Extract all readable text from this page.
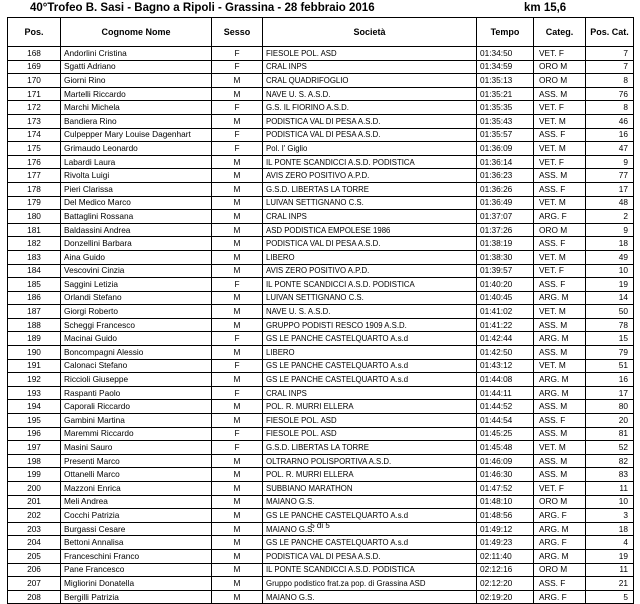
40°Trofeo B. Sasi - Bagno a Ripoli - Grassina - 28 febbraio 2016	km 15,6
Pos.	Cognome Nome	Sesso	Società	Tempo	Categ.	Pos. Cat.
168	Andorlini Cristina	F	FIESOLE POL. ASD	01:34:50	VET. F	7
169	Sgatti Adriano	F	CRAL INPS	01:34:59	ORO M	7
170	Giorni Rino	M	CRAL QUADRIFOGLIO	01:35:13	ORO M	8
171	Martelli Riccardo	M	NAVE U. S. A.S.D.	01:35:21	ASS. M	76
172	Marchi Michela	F	G.S. IL FIORINO A.S.D.	01:35:35	VET. F	8
173	Bandiera Rino	M	PODISTICA VAL DI PESA A.S.D.	01:35:43	VET. M	46
174	Culpepper Mary Louise Dagenhart	F	PODISTICA VAL DI PESA A.S.D.	01:35:57	ASS. F	16
175	Grimaudo Leonardo	F	Pol. I' Giglio	01:36:09	VET. M	47
176	Labardi Laura	M	IL PONTE SCANDICCI A.S.D. PODISTICA	01:36:14	VET. F	9
177	Rivolta Luigi	M	AVIS ZERO POSITIVO A.P.D.	01:36:23	ASS. M	77
178	Pieri Clarissa	M	G.S.D. LIBERTAS LA TORRE	01:36:26	ASS. F	17
179	Del Medico Marco	M	LUIVAN SETTIGNANO C.S.	01:36:49	VET. M	48
180	Battaglini Rossana	M	CRAL INPS	01:37:07	ARG. F	2
181	Baldassini Andrea	M	ASD PODISTICA EMPOLESE 1986	01:37:26	ORO M	9
182	Donzellini Barbara	M	PODISTICA VAL DI PESA A.S.D.	01:38:19	ASS. F	18
183	Aina Guido	M	LIBERO	01:38:30	VET. M	49
184	Vescovini Cinzia	M	AVIS ZERO POSITIVO A.P.D.	01:39:57	VET. F	10
185	Saggini Letizia	F	IL PONTE SCANDICCI A.S.D. PODISTICA	01:40:20	ASS. F	19
186	Orlandi Stefano	M	LUIVAN SETTIGNANO C.S.	01:40:45	ARG. M	14
187	Giorgi Roberto	M	NAVE U. S. A.S.D.	01:41:02	VET. M	50
188	Scheggi Francesco	M	GRUPPO PODISTI RESCO 1909 A.S.D.	01:41:22	ASS. M	78
189	Macinai Guido	F	GS LE PANCHE CASTELQUARTO A.s.d	01:42:44	ARG. M	15
190	Boncompagni Alessio	M	LIBERO	01:42:50	ASS. M	79
191	Calonaci Stefano	F	GS LE PANCHE CASTELQUARTO A.s.d	01:43:12	VET. M	51
192	Riccioli Giuseppe	M	GS LE PANCHE CASTELQUARTO A.s.d	01:44:08	ARG. M	16
193	Raspanti Paolo	F	CRAL INPS	01:44:11	ARG. M	17
194	Caporali Riccardo	M	POL. R. MURRI ELLERA	01:44:52	ASS. M	80
195	Gambini Martina	M	FIESOLE POL. ASD	01:44:54	ASS. F	20
196	Maremmi Riccardo	F	FIESOLE POL. ASD	01:45:25	ASS. M	81
197	Masini Sauro	F	G.S.D. LIBERTAS LA TORRE	01:45:48	VET. M	52
198	Presenti Marco	M	OLTRARNO POLISPORTIVA A.S.D.	01:46:09	ASS. M	82
199	Ottanelli Marco	M	POL. R. MURRI ELLERA	01:46:30	ASS. M	83
200	Mazzoni Enrica	M	SUBBIANO MARATHON	01:47:52	VET. F	11
201	Meli Andrea	M	MAIANO G.S.	01:48:10	ORO M	10
202	Cocchi Patrizia	M	GS LE PANCHE CASTELQUARTO A.s.d	01:48:56	ARG. F	3
203	Burgassi Cesare	M	MAIANO G.S.	01:49:12	ARG. M	18
204	Bettoni Annalisa	M	GS LE PANCHE CASTELQUARTO A.s.d	01:49:23	ARG. F	4
205	Franceschini Franco	M	PODISTICA VAL DI PESA A.S.D.	02:11:40	ARG. M	19
206	Pane Francesco	M	IL PONTE SCANDICCI A.S.D. PODISTICA	02:12:16	ORO M	11
207	Migliorini Donatella	M	Gruppo podistico frat.za pop. di Grassina ASD	02:12:20	ASS. F	21
208	Bergilli Patrizia	M	MAIANO G.S.	02:19:20	ARG. F	5
5 di 5
